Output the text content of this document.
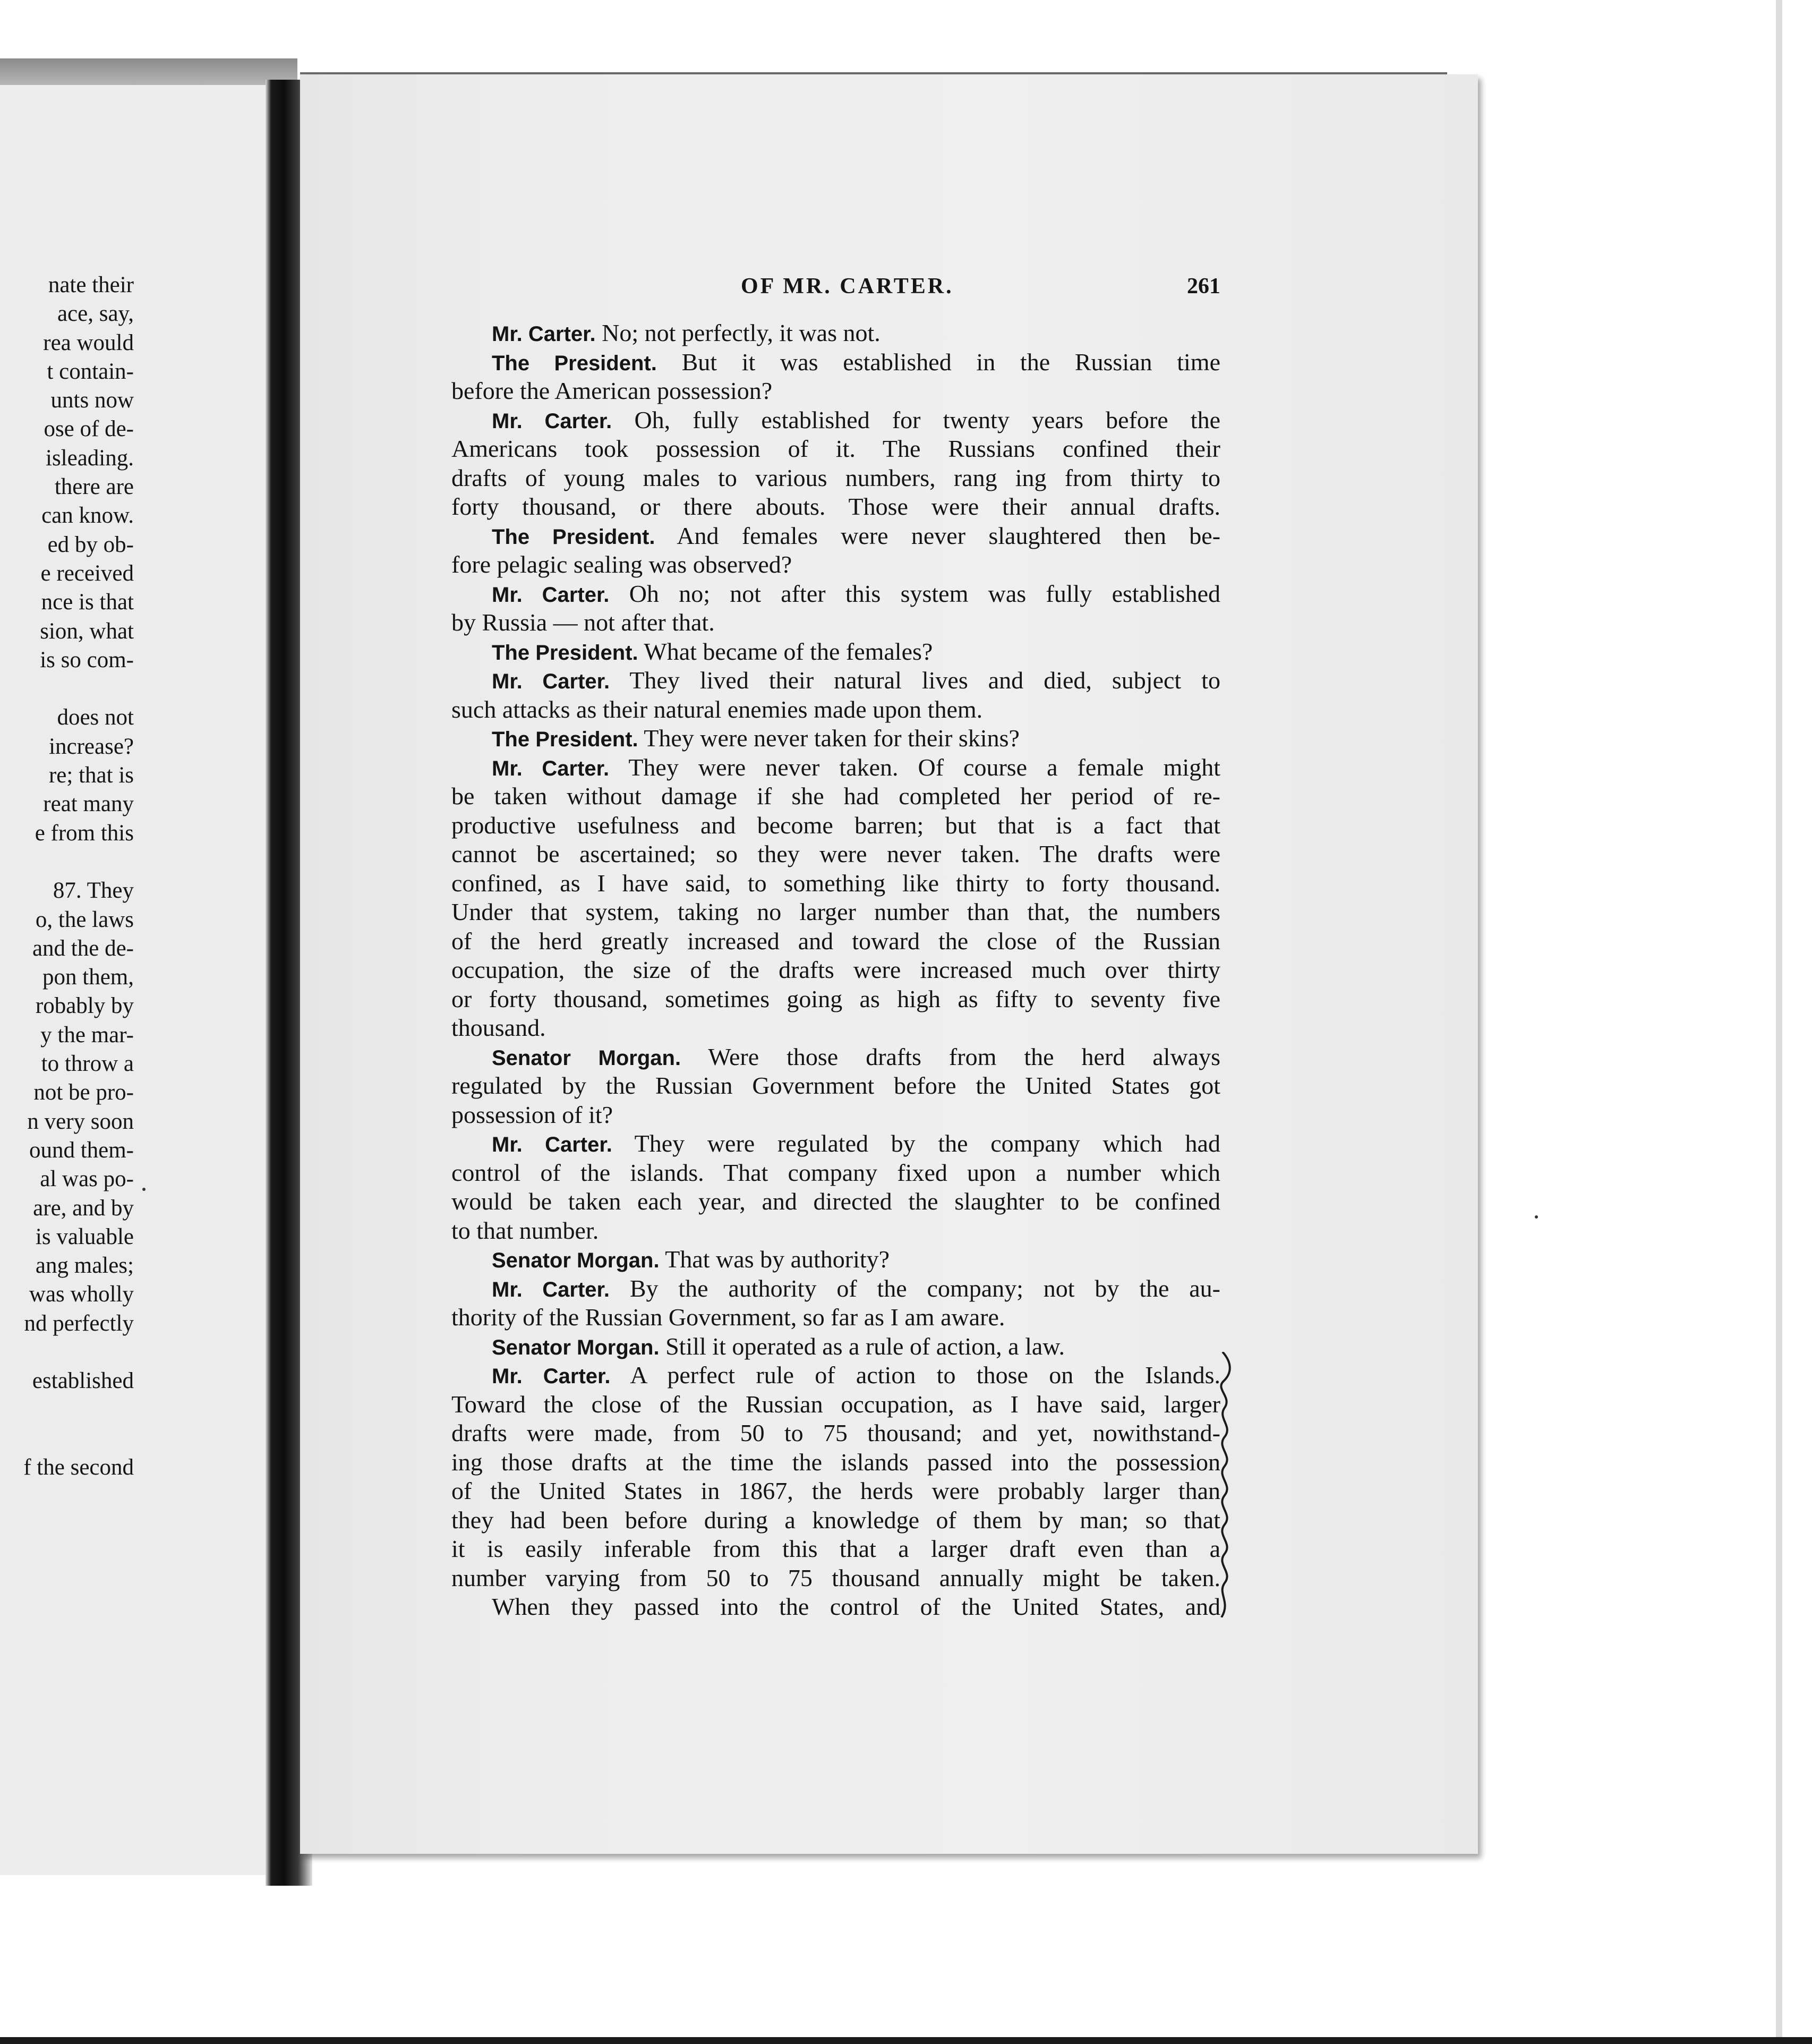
nate their
ace, say,
rea would
t contain-
unts now
ose of de-
isleading.
there are
can know.
ed by ob-
e received
nce is that
sion, what
is so com-
does not
increase?
re; that is
reat many
e from this
87. They
o, the laws
and the de-
pon them,
robably by
y the mar-
to throw a
not be pro-
n very soon
ound them-
al was po-
are, and by
is valuable
ang males;
was wholly
nd perfectly
established
f the second
OF MR. CARTER.	261
Mr. Carter. No; not perfectly, it was not.
The President. But it was established in the Russian time
before the American possession?
Mr. Carter. Oh, fully established for twenty years before the
Americans took possession of it. The Russians confined their
drafts of young males to various numbers, rang ing from thirty to
forty thousand, or there abouts. Those were their annual drafts.
The President. And females were never slaughtered then be-
fore pelagic sealing was observed?
Mr. Carter. Oh no; not after this system was fully established
by Russia — not after that.
The President. What became of the females?
Mr. Carter. They lived their natural lives and died, subject to
such attacks as their natural enemies made upon them.
The President. They were never taken for their skins?
Mr. Carter. They were never taken. Of course a female might
be taken without damage if she had completed her period of re-
productive usefulness and become barren; but that is a fact that
cannot be ascertained; so they were never taken. The drafts were
confined, as I have said, to something like thirty to forty thousand.
Under that system, taking no larger number than that, the numbers
of the herd greatly increased and toward the close of the Russian
occupation, the size of the drafts were increased much over thirty
or forty thousand, sometimes going as high as fifty to seventy five
thousand.
Senator Morgan. Were those drafts from the herd always
regulated by the Russian Government before the United States got
possession of it?
Mr. Carter. They were regulated by the company which had
control of the islands. That company fixed upon a number which
would be taken each year, and directed the slaughter to be confined
to that number.
Senator Morgan. That was by authority?
Mr. Carter. By the authority of the company; not by the au-
thority of the Russian Government, so far as I am aware.
Senator Morgan. Still it operated as a rule of action, a law.
Mr. Carter. A perfect rule of action to those on the Islands.
Toward the close of the Russian occupation, as I have said, larger
drafts were made, from 50 to 75 thousand; and yet, nowithstand-
ing those drafts at the time the islands passed into the possession
of the United States in 1867, the herds were probably larger than
they had been before during a knowledge of them by man; so that
it is easily inferable from this that a larger draft even than a
number varying from 50 to 75 thousand annually might be taken.
When they passed into the control of the United States, and
